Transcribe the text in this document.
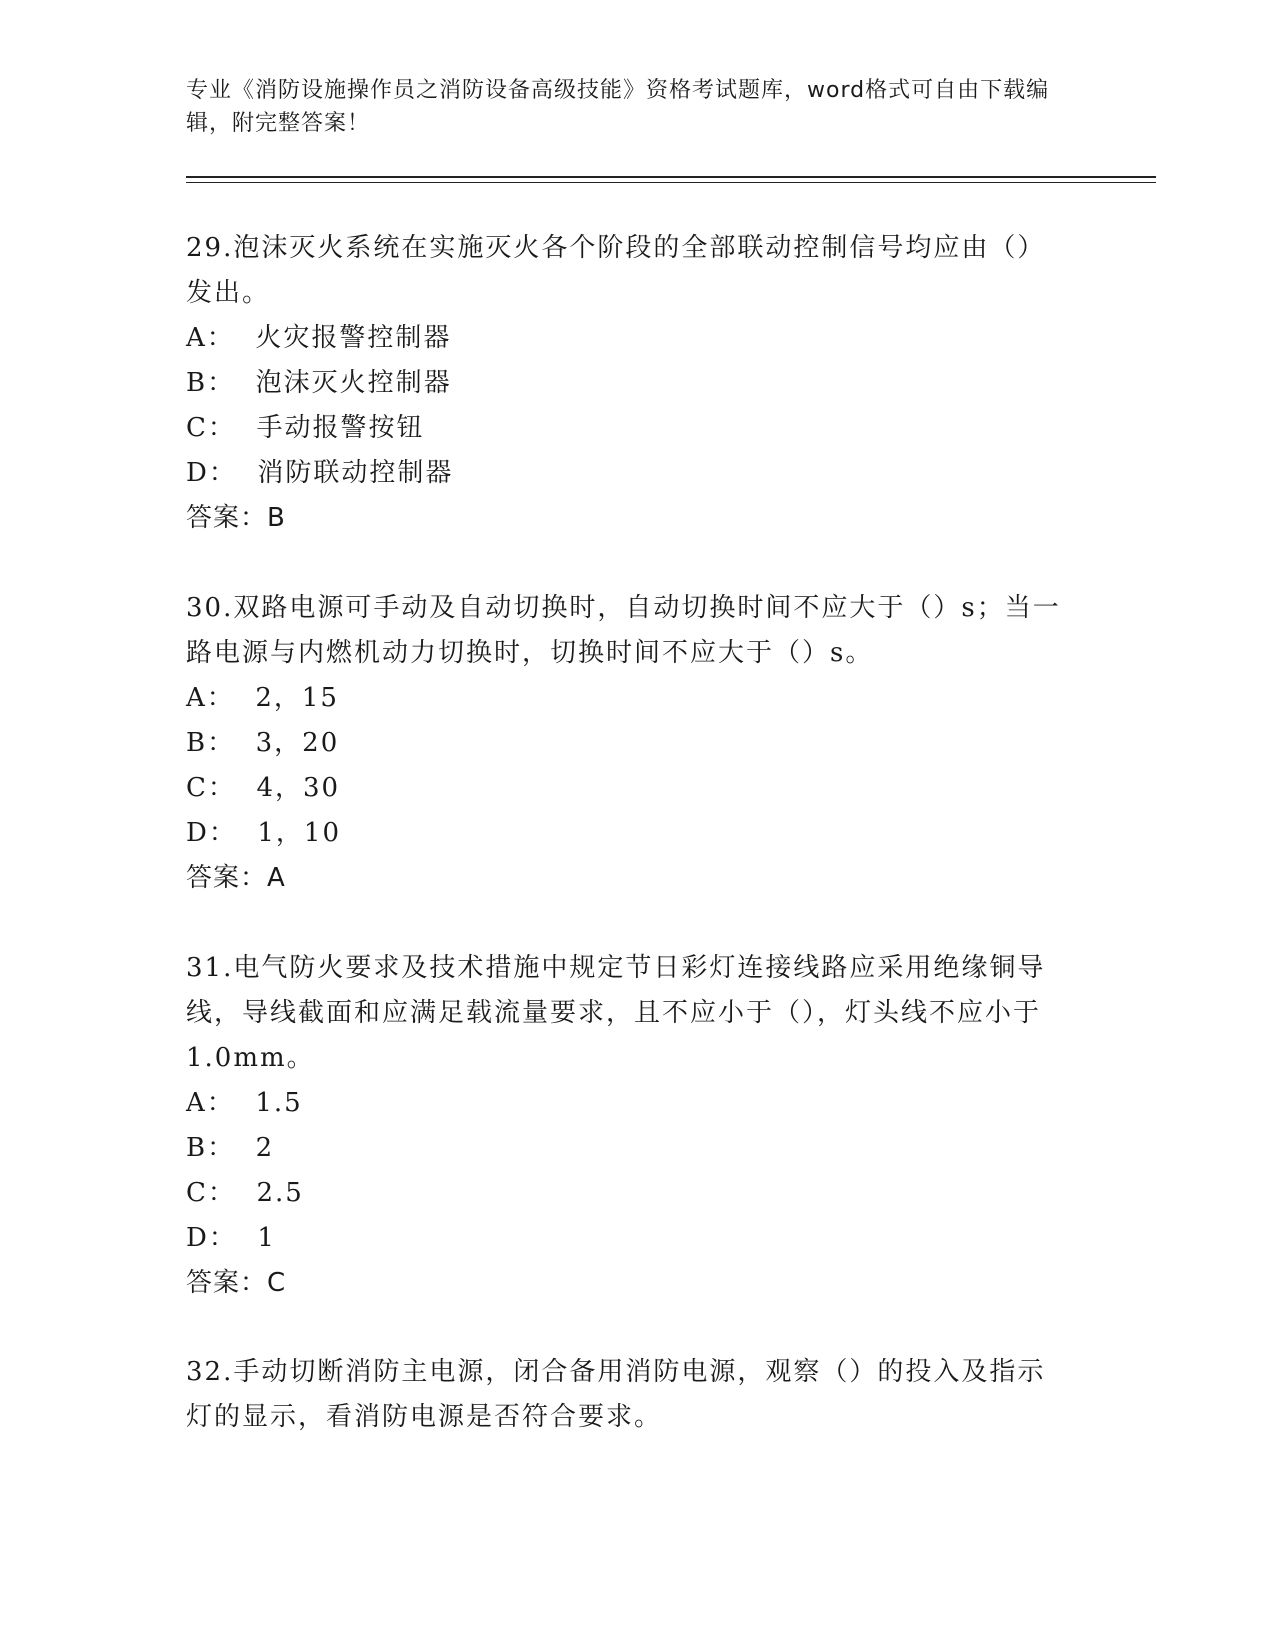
专业《消防设施操作员之消防设备高级技能》资格考试题库，word格式可自由下载编辑，附完整答案！

29.泡沫灭火系统在实施灭火各个阶段的全部联动控制信号均应由（）发出。

A：  火灾报警控制器

B：  泡沫灭火控制器

C：  手动报警按钮

D：  消防联动控制器

答案：B

30.双路电源可手动及自动切换时，自动切换时间不应大于（）s；当一路电源与内燃机动力切换时，切换时间不应大于（）s。

A：  2，15

B：  3，20

C：  4，30

D：  1，10

答案：A

31.电气防火要求及技术措施中规定节日彩灯连接线路应采用绝缘铜导线，导线截面和应满足载流量要求，且不应小于（），灯头线不应小于1.0mm。

A：  1.5

B：  2

C：  2.5

D：  1

答案：C

32.手动切断消防主电源，闭合备用消防电源，观察（）的投入及指示灯的显示，看消防电源是否符合要求。
